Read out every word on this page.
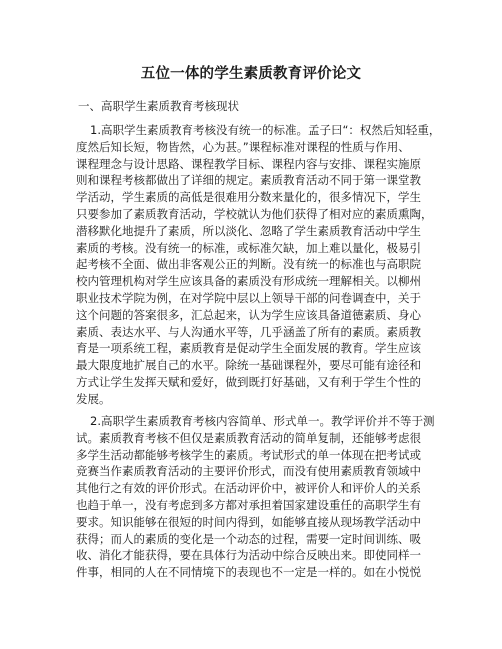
五位一体的学生素质教育评价论文
一、高职学生素质教育考核现状
1.高职学生素质教育考核没有统一的标准。孟子曰“：权然后知轻重，
度然后知长短，物皆然，心为甚。”课程标准对课程的性质与作用、
课程理念与设计思路、课程教学目标、课程内容与安排、课程实施原
则和课程考核都做出了详细的规定。素质教育活动不同于第一课堂教
学活动，学生素质的高低是很难用分数来量化的，很多情况下，学生
只要参加了素质教育活动，学校就认为他们获得了相对应的素质熏陶，
潜移默化地提升了素质，所以淡化、忽略了学生素质教育活动中学生
素质的考核。没有统一的标准，或标准欠缺，加上难以量化，极易引
起考核不全面、做出非客观公正的判断。没有统一的标准也与高职院
校内管理机构对学生应该具备的素质没有形成统一理解相关。以柳州
职业技术学院为例，在对学院中层以上领导干部的问卷调查中，关于
这个问题的答案很多，汇总起来，认为学生应该具备道德素质、身心
素质、表达水平、与人沟通水平等，几乎涵盖了所有的素质。素质教
育是一项系统工程，素质教育是促动学生全面发展的教育。学生应该
最大限度地扩展自己的水平。除统一基础课程外，要尽可能有途径和
方式让学生发挥天赋和爱好，做到既打好基础，又有利于学生个性的
发展。
2.高职学生素质教育考核内容简单、形式单一。教学评价并不等于测
试。素质教育考核不但仅是素质教育活动的简单复制，还能够考虑很
多学生活动都能够考核学生的素质。考试形式的单一体现在把考试或
竞赛当作素质教育活动的主要评价形式，而没有使用素质教育领域中
其他行之有效的评价形式。在活动评价中，被评价人和评价人的关系
也趋于单一，没有考虑到多方都对承担着国家建设重任的高职学生有
要求。知识能够在很短的时间内得到，如能够直接从现场教学活动中
获得；而人的素质的变化是一个动态的过程，需要一定时间训练、吸
收、消化才能获得，要在具体行为活动中综合反映出来。即使同样一
件事，相同的人在不同情境下的表现也不一定是一样的。如在小悦悦
